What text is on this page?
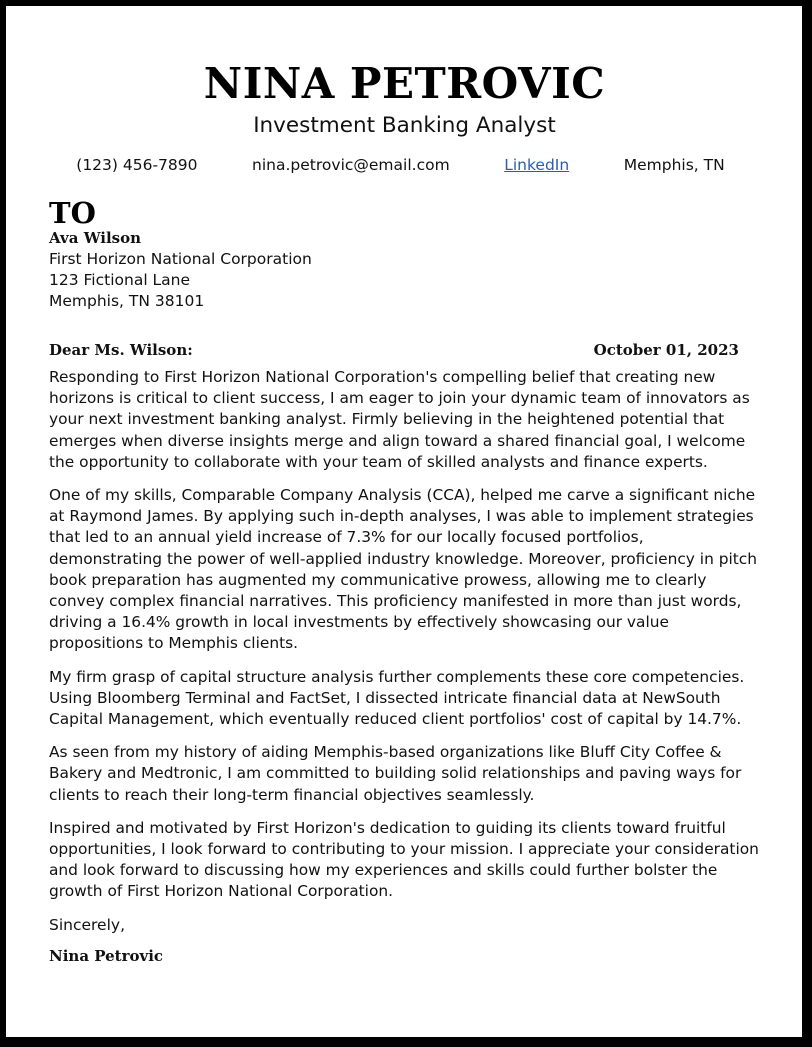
NINA PETROVIC
Investment Banking Analyst
(123) 456-7890	nina.petrovic@email.com	LinkedIn	Memphis, TN
TO
Ava Wilson
First Horizon National Corporation
123 Fictional Lane
Memphis, TN 38101
Dear Ms. Wilson:	October 01, 2023

Responding to First Horizon National Corporation's compelling belief that creating new horizons is critical to client success, I am eager to join your dynamic team of innovators as your next investment banking analyst. Firmly believing in the heightened potential that emerges when diverse insights merge and align toward a shared financial goal, I welcome the opportunity to collaborate with your team of skilled analysts and finance experts.

One of my skills, Comparable Company Analysis (CCA), helped me carve a significant niche at Raymond James. By applying such in-depth analyses, I was able to implement strategies that led to an annual yield increase of 7.3% for our locally focused portfolios, demonstrating the power of well-applied industry knowledge. Moreover, proficiency in pitch book preparation has augmented my communicative prowess, allowing me to clearly convey complex financial narratives. This proficiency manifested in more than just words, driving a 16.4% growth in local investments by effectively showcasing our value propositions to Memphis clients.

My firm grasp of capital structure analysis further complements these core competencies. Using Bloomberg Terminal and FactSet, I dissected intricate financial data at NewSouth Capital Management, which eventually reduced client portfolios' cost of capital by 14.7%.

As seen from my history of aiding Memphis-based organizations like Bluff City Coffee & Bakery and Medtronic, I am committed to building solid relationships and paving ways for clients to reach their long-term financial objectives seamlessly.

Inspired and motivated by First Horizon's dedication to guiding its clients toward fruitful opportunities, I look forward to contributing to your mission. I appreciate your consideration and look forward to discussing how my experiences and skills could further bolster the growth of First Horizon National Corporation.

Sincerely,
Nina Petrovic
